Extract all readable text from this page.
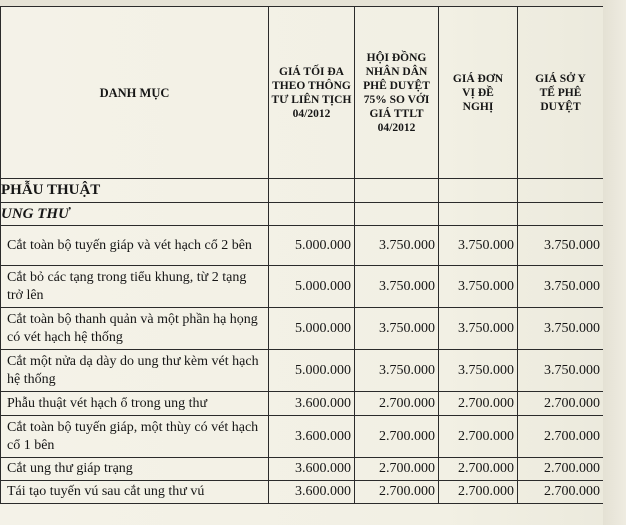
DANH MỤC	GIÁ TỐI ĐA THEO THÔNG TƯ LIÊN TỊCH 04/2012	HỘI ĐỒNG NHÂN DÂN PHÊ DUYỆT 75% SO VỚI GIÁ TTLT 04/2012	GIÁ ĐƠN VỊ ĐỀ NGHỊ	GIÁ SỞ Y TẾ PHÊ DUYỆT
PHẪU THUẬT				
UNG THƯ				
Cắt toàn bộ tuyến giáp và vét hạch cổ 2 bên	5.000.000	3.750.000	3.750.000	3.750.000
Cắt bỏ các tạng trong tiểu khung, từ 2 tạng trở lên	5.000.000	3.750.000	3.750.000	3.750.000
Cắt toàn bộ thanh quản và một phần hạ họng có vét hạch hệ thống	5.000.000	3.750.000	3.750.000	3.750.000
Cắt một nửa dạ dày do ung thư kèm vét hạch hệ thống	5.000.000	3.750.000	3.750.000	3.750.000
Phẫu thuật vét hạch ổ trong ung thư	3.600.000	2.700.000	2.700.000	2.700.000
Cắt toàn bộ tuyến giáp, một thùy có vét hạch cổ 1 bên	3.600.000	2.700.000	2.700.000	2.700.000
Cắt ung thư giáp trạng	3.600.000	2.700.000	2.700.000	2.700.000
Tái tạo tuyến vú sau cắt ung thư vú	3.600.000	2.700.000	2.700.000	2.700.000
